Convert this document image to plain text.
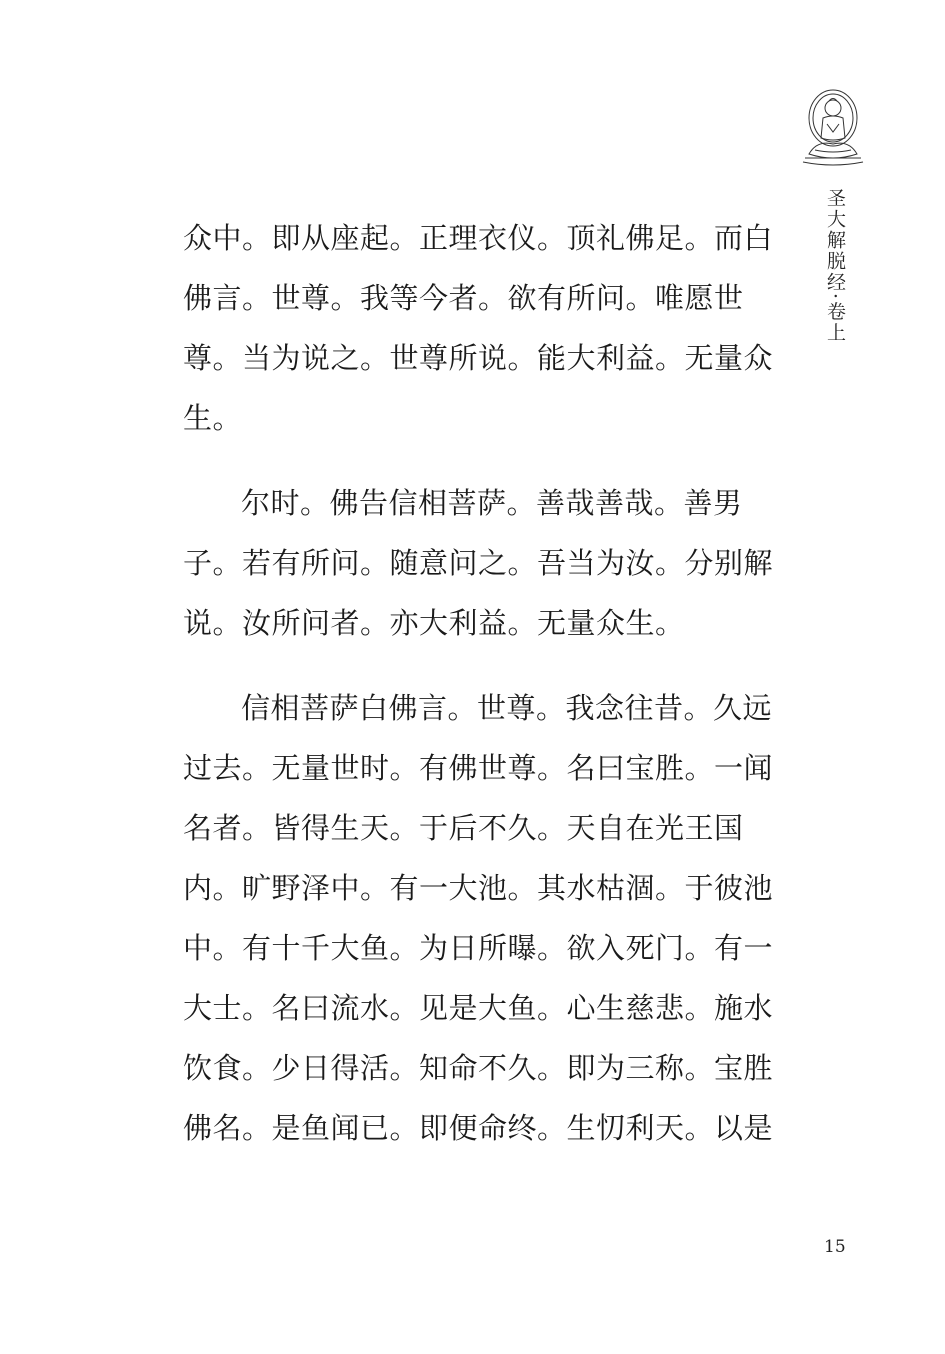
圣大解脱经·卷上
众中。即从座起。正理衣仪。顶礼佛足。而白
佛言。世尊。我等今者。欲有所问。唯愿世
尊。当为说之。世尊所说。能大利益。无量众
生。
尔时。佛告信相菩萨。善哉善哉。善男
子。若有所问。随意问之。吾当为汝。分别解
说。汝所问者。亦大利益。无量众生。
信相菩萨白佛言。世尊。我念往昔。久远
过去。无量世时。有佛世尊。名曰宝胜。一闻
名者。皆得生天。于后不久。天自在光王国
内。旷野泽中。有一大池。其水枯涸。于彼池
中。有十千大鱼。为日所曝。欲入死门。有一
大士。名曰流水。见是大鱼。心生慈悲。施水
饮食。少日得活。知命不久。即为三称。宝胜
佛名。是鱼闻已。即便命终。生忉利天。以是
15
